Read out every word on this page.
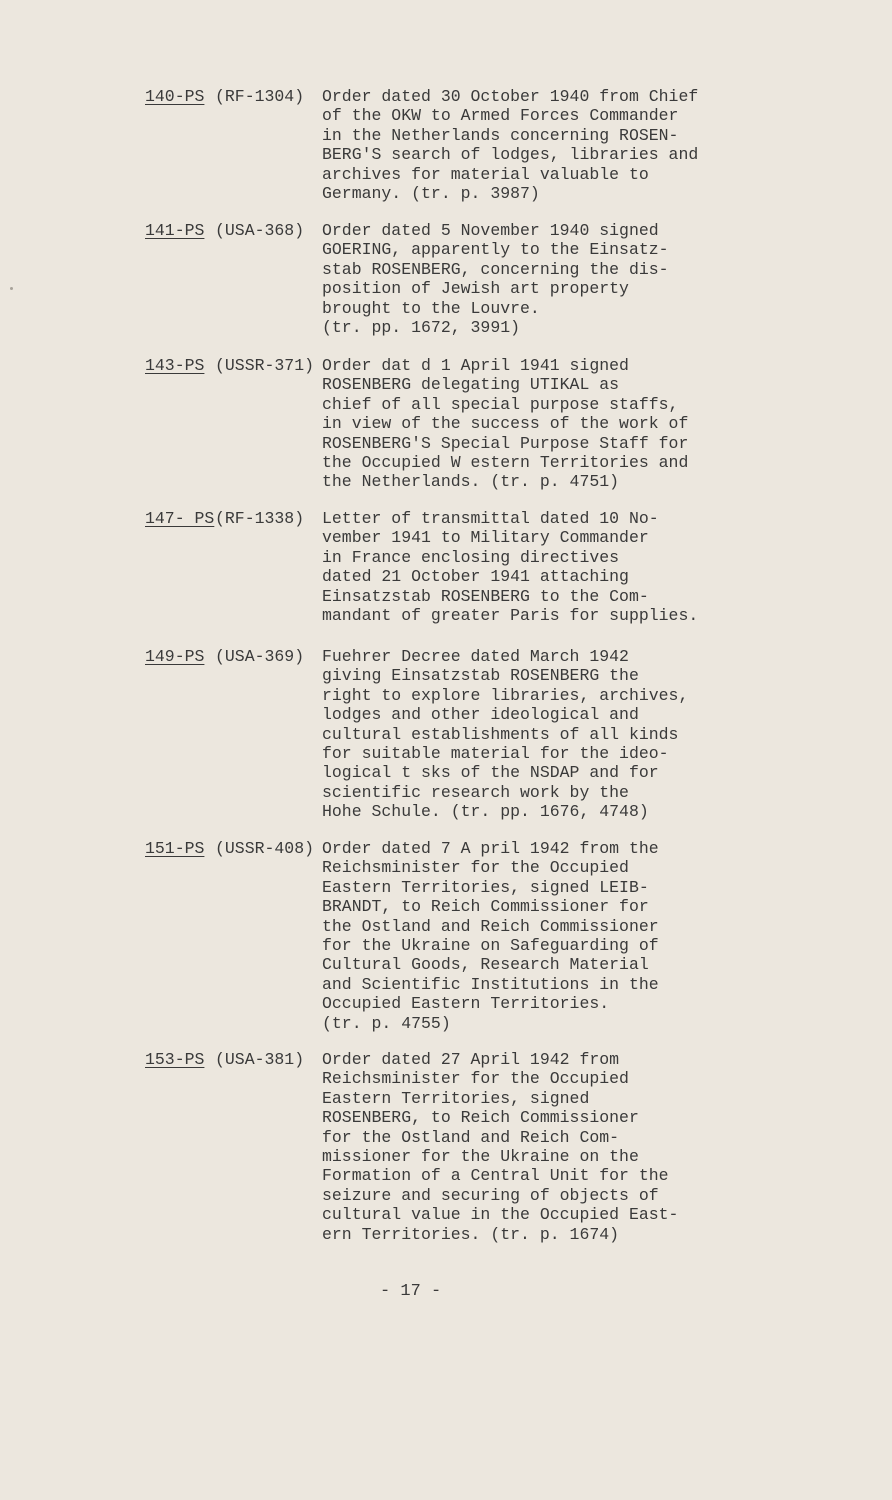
140-PS (RF-1304) Order dated 30 October 1940 from Chief
of the OKW to Armed Forces Commander
in the Netherlands concerning ROSEN-
BERG'S search of lodges, libraries and
archives for material valuable to
Germany. (tr. p. 3987)
141-PS (USA-368) Order dated 5 November 1940 signed
GOERING, apparently to the Einsatz-
stab ROSENBERG, concerning the dis-
position of Jewish art property
brought to the Louvre.
(tr. pp. 1672, 3991)
143-PS (USSR-371) Order dat d 1 April 1941 signed
ROSENBERG delegating UTIKAL as
chief of all special purpose staffs,
in view of the success of the work of
ROSENBERG'S Special Purpose Staff for
the Occupied W estern Territories and
the Netherlands. (tr. p. 4751)
147- PS (RF-1338) Letter of transmittal dated 10 No-
vember 1941 to Military Commander
in France enclosing directives
dated 21 October 1941 attaching
Einsatzstab ROSENBERG to the Com-
mandant of greater Paris for supplies.
149-PS (USA-369) Fuehrer Decree dated March 1942
giving Einsatzstab ROSENBERG the
right to explore libraries, archives,
lodges and other ideological and
cultural establishments of all kinds
for suitable material for the ideo-
logical t sks of the NSDAP and for
scientific research work by the
Hohe Schule. (tr. pp. 1676, 4748)
151-PS (USSR-408) Order dated 7 A pril 1942 from the
Reichsminister for the Occupied
Eastern Territories, signed LEIB-
BRANDT, to Reich Commissioner for
the Ostland and Reich Commissioner
for the Ukraine on Safeguarding of
Cultural Goods, Research Material
and Scientific Institutions in the
Occupied Eastern Territories.
(tr. p. 4755)
153-PS (USA-381) Order dated 27 April 1942 from
Reichsminister for the Occupied
Eastern Territories, signed
ROSENBERG, to Reich Commissioner
for the Ostland and Reich Com-
missioner for the Ukraine on the
Formation of a Central Unit for the
seizure and securing of objects of
cultural value in the Occupied East-
ern Territories. (tr. p. 1674)
- 17 -
